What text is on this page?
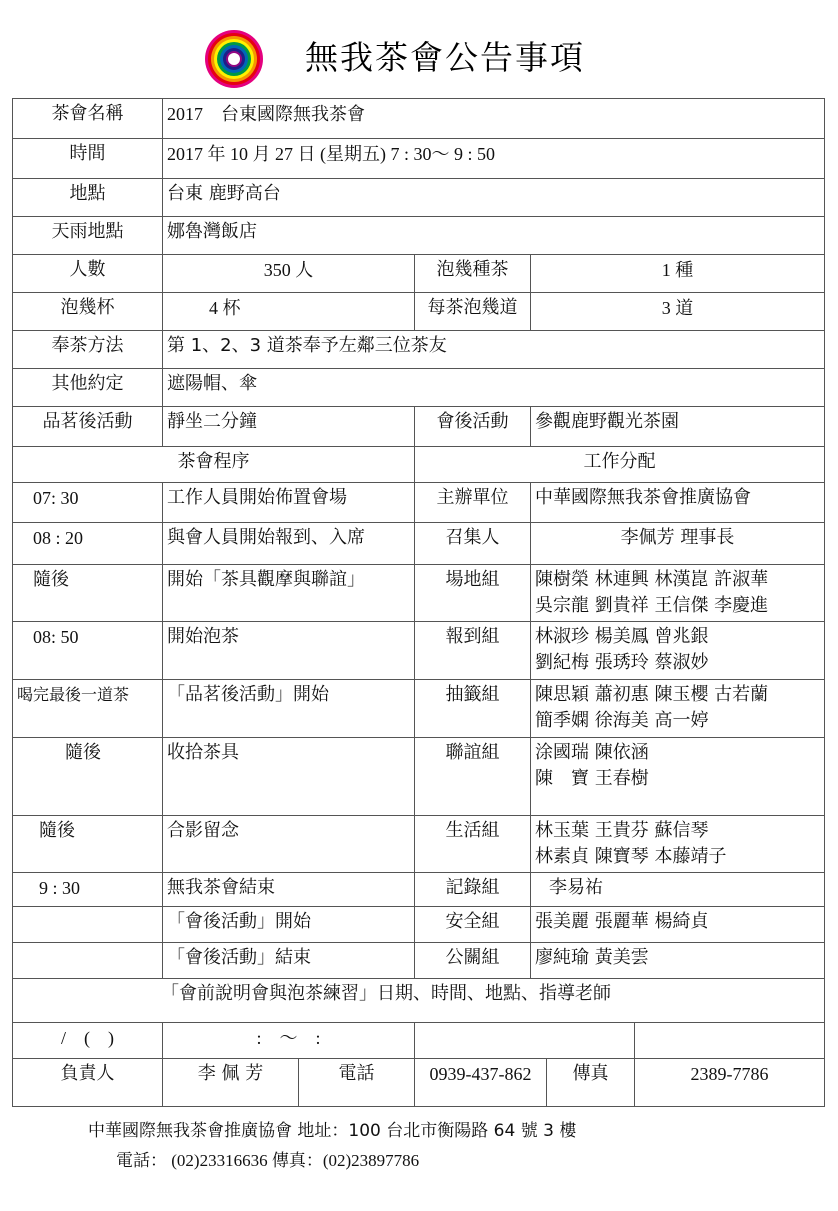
無我茶會公告事項
茶會名稱	2017　台東國際無我茶會					
時間	2017 年 10 月 27 日 (星期五) 7 : 30～ 9 : 50					
地點	台東 鹿野高台					
天雨地點	娜魯灣飯店					
人數	350 人		泡幾種茶	1 種		
泡幾杯	4 杯		每茶泡幾道	3 道		
奉茶方法	第 1、2、3 道茶奉予左鄰三位茶友					
其他約定	遮陽帽、傘					
品茗後活動	靜坐二分鐘		會後活動	參觀鹿野觀光茶園		
茶會程序			工作分配			
07: 30	工作人員開始佈置會場		主辦單位	中華國際無我茶會推廣協會		
08 : 20	與會人員開始報到、入席		召集人	李佩芳 理事長		
隨後	開始「茶具觀摩與聯誼」		場地組	陳樹榮 林連興 林漢崑 許淑華
吳宗龍 劉貴祥 王信傑 李慶進		

08: 50	開始泡茶		報到組	林淑珍 楊美鳳 曾兆銀
劉紀梅 張琇玲 蔡淑妙		

喝完最後一道茶	「品茗後活動」開始		抽籤組	陳思穎 蕭初惠 陳玉櫻 古若蘭
簡季嫻 徐海美 高一婷		

隨後	收拾茶具		聯誼組	涂國瑞 陳依涵
陳　寶 王春樹		

隨後	合影留念		生活組	林玉葉 王貴芬 蘇信琴
林素貞 陳寶琴 本藤靖子		

9 : 30	無我茶會結束		記錄組	李易祐		
	「會後活動」開始		安全組	張美麗 張麗華 楊綺貞		
	「會後活動」結束		公關組	廖純瑜 黃美雲		
「會前說明會與泡茶練習」日期、時間、地點、指導老師						
/　(　)	:　～　:					
負責人	李 佩 芳	電話	0939-437-862		傳真	2389-7786
中華國際無我茶會推廣協會 地址：100 台北市衡陽路 64 號 3 樓
電話： (02)23316636 傳真：(02)23897786
